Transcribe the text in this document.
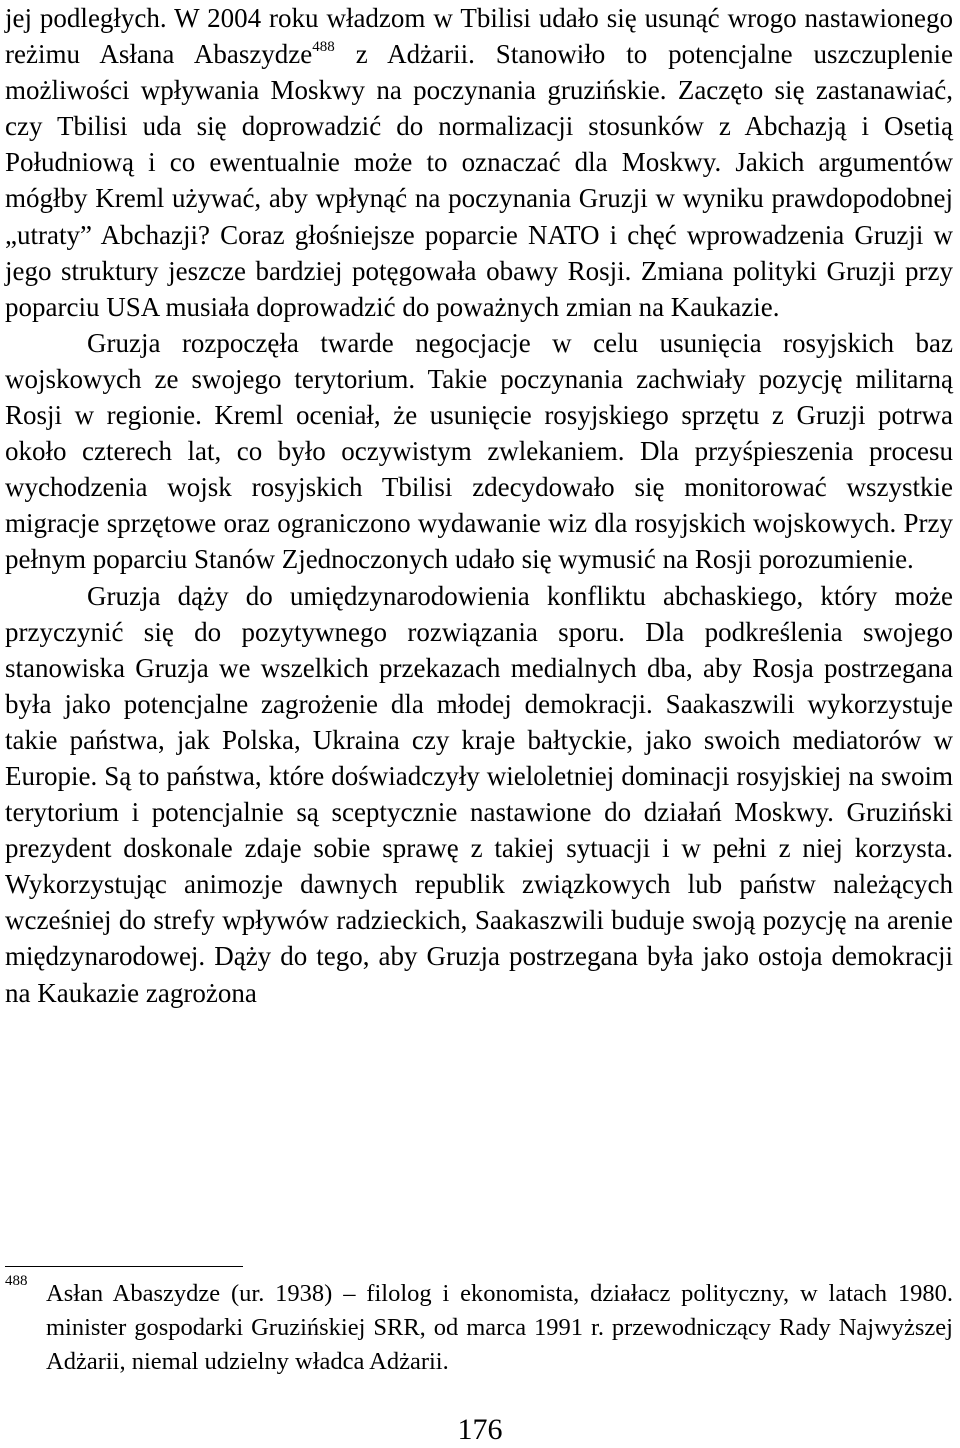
jej podległych. W 2004 roku władzom w Tbilisi udało się usunąć wrogo nastawionego reżimu Asłana Abaszydze$^{488}$ z Adżarii. Stanowiło to potencjalne uszczuplenie możliwości wpływania Moskwy na poczynania gruzińskie. Zaczęto się zastanawiać, czy Tbilisi uda się doprowadzić do normalizacji stosunków z Abchazją i Osetią Południową i co ewentualnie może to oznaczać dla Moskwy. Jakich argumentów mógłby Kreml używać, aby wpłynąć na poczynania Gruzji w wyniku prawdopodobnej „utraty” Abchazji? Coraz głośniejsze poparcie NATO i chęć wprowadzenia Gruzji w jego struktury jeszcze bardziej potęgowała obawy Rosji. Zmiana polityki Gruzji przy poparciu USA musiała doprowadzić do poważnych zmian na Kaukazie.

Gruzja rozpoczęła twarde negocjacje w celu usunięcia rosyjskich baz wojskowych ze swojego terytorium. Takie poczynania zachwiały pozycję militarną Rosji w regionie. Kreml oceniał, że usunięcie rosyjskiego sprzętu z Gruzji potrwa około czterech lat, co było oczywistym zwlekaniem. Dla przyśpieszenia procesu wychodzenia wojsk rosyjskich Tbilisi zdecydowało się monitorować wszystkie migracje sprzętowe oraz ograniczono wydawanie wiz dla rosyjskich wojskowych. Przy pełnym poparciu Stanów Zjednoczonych udało się wymusić na Rosji porozumienie.

Gruzja dąży do umiędzynarodowienia konfliktu abchaskiego, który może przyczynić się do pozytywnego rozwiązania sporu. Dla podkreślenia swojego stanowiska Gruzja we wszelkich przekazach medialnych dba, aby Rosja postrzegana była jako potencjalne zagrożenie dla młodej demokracji. Saakaszwili wykorzystuje takie państwa, jak Polska, Ukraina czy kraje bałtyckie, jako swoich mediatorów w Europie. Są to państwa, które doświadczyły wieloletniej dominacji rosyjskiej na swoim terytorium i potencjalnie są sceptycznie nastawione do działań Moskwy. Gruziński prezydent doskonale zdaje sobie sprawę z takiej sytuacji i w pełni z niej korzysta. Wykorzystując animozje dawnych republik związkowych lub państw należących wcześniej do strefy wpływów radzieckich, Saakaszwili buduje swoją pozycję na arenie międzynarodowej. Dąży do tego, aby Gruzja postrzegana była jako ostoja demokracji na Kaukazie zagrożona

488 Asłan Abaszydze (ur. 1938) – filolog i ekonomista, działacz polityczny, w latach 1980. minister gospodarki Gruzińskiej SRR, od marca 1991 r. przewodniczący Rady Najwyższej Adżarii, niemal udzielny władca Adżarii.
176
